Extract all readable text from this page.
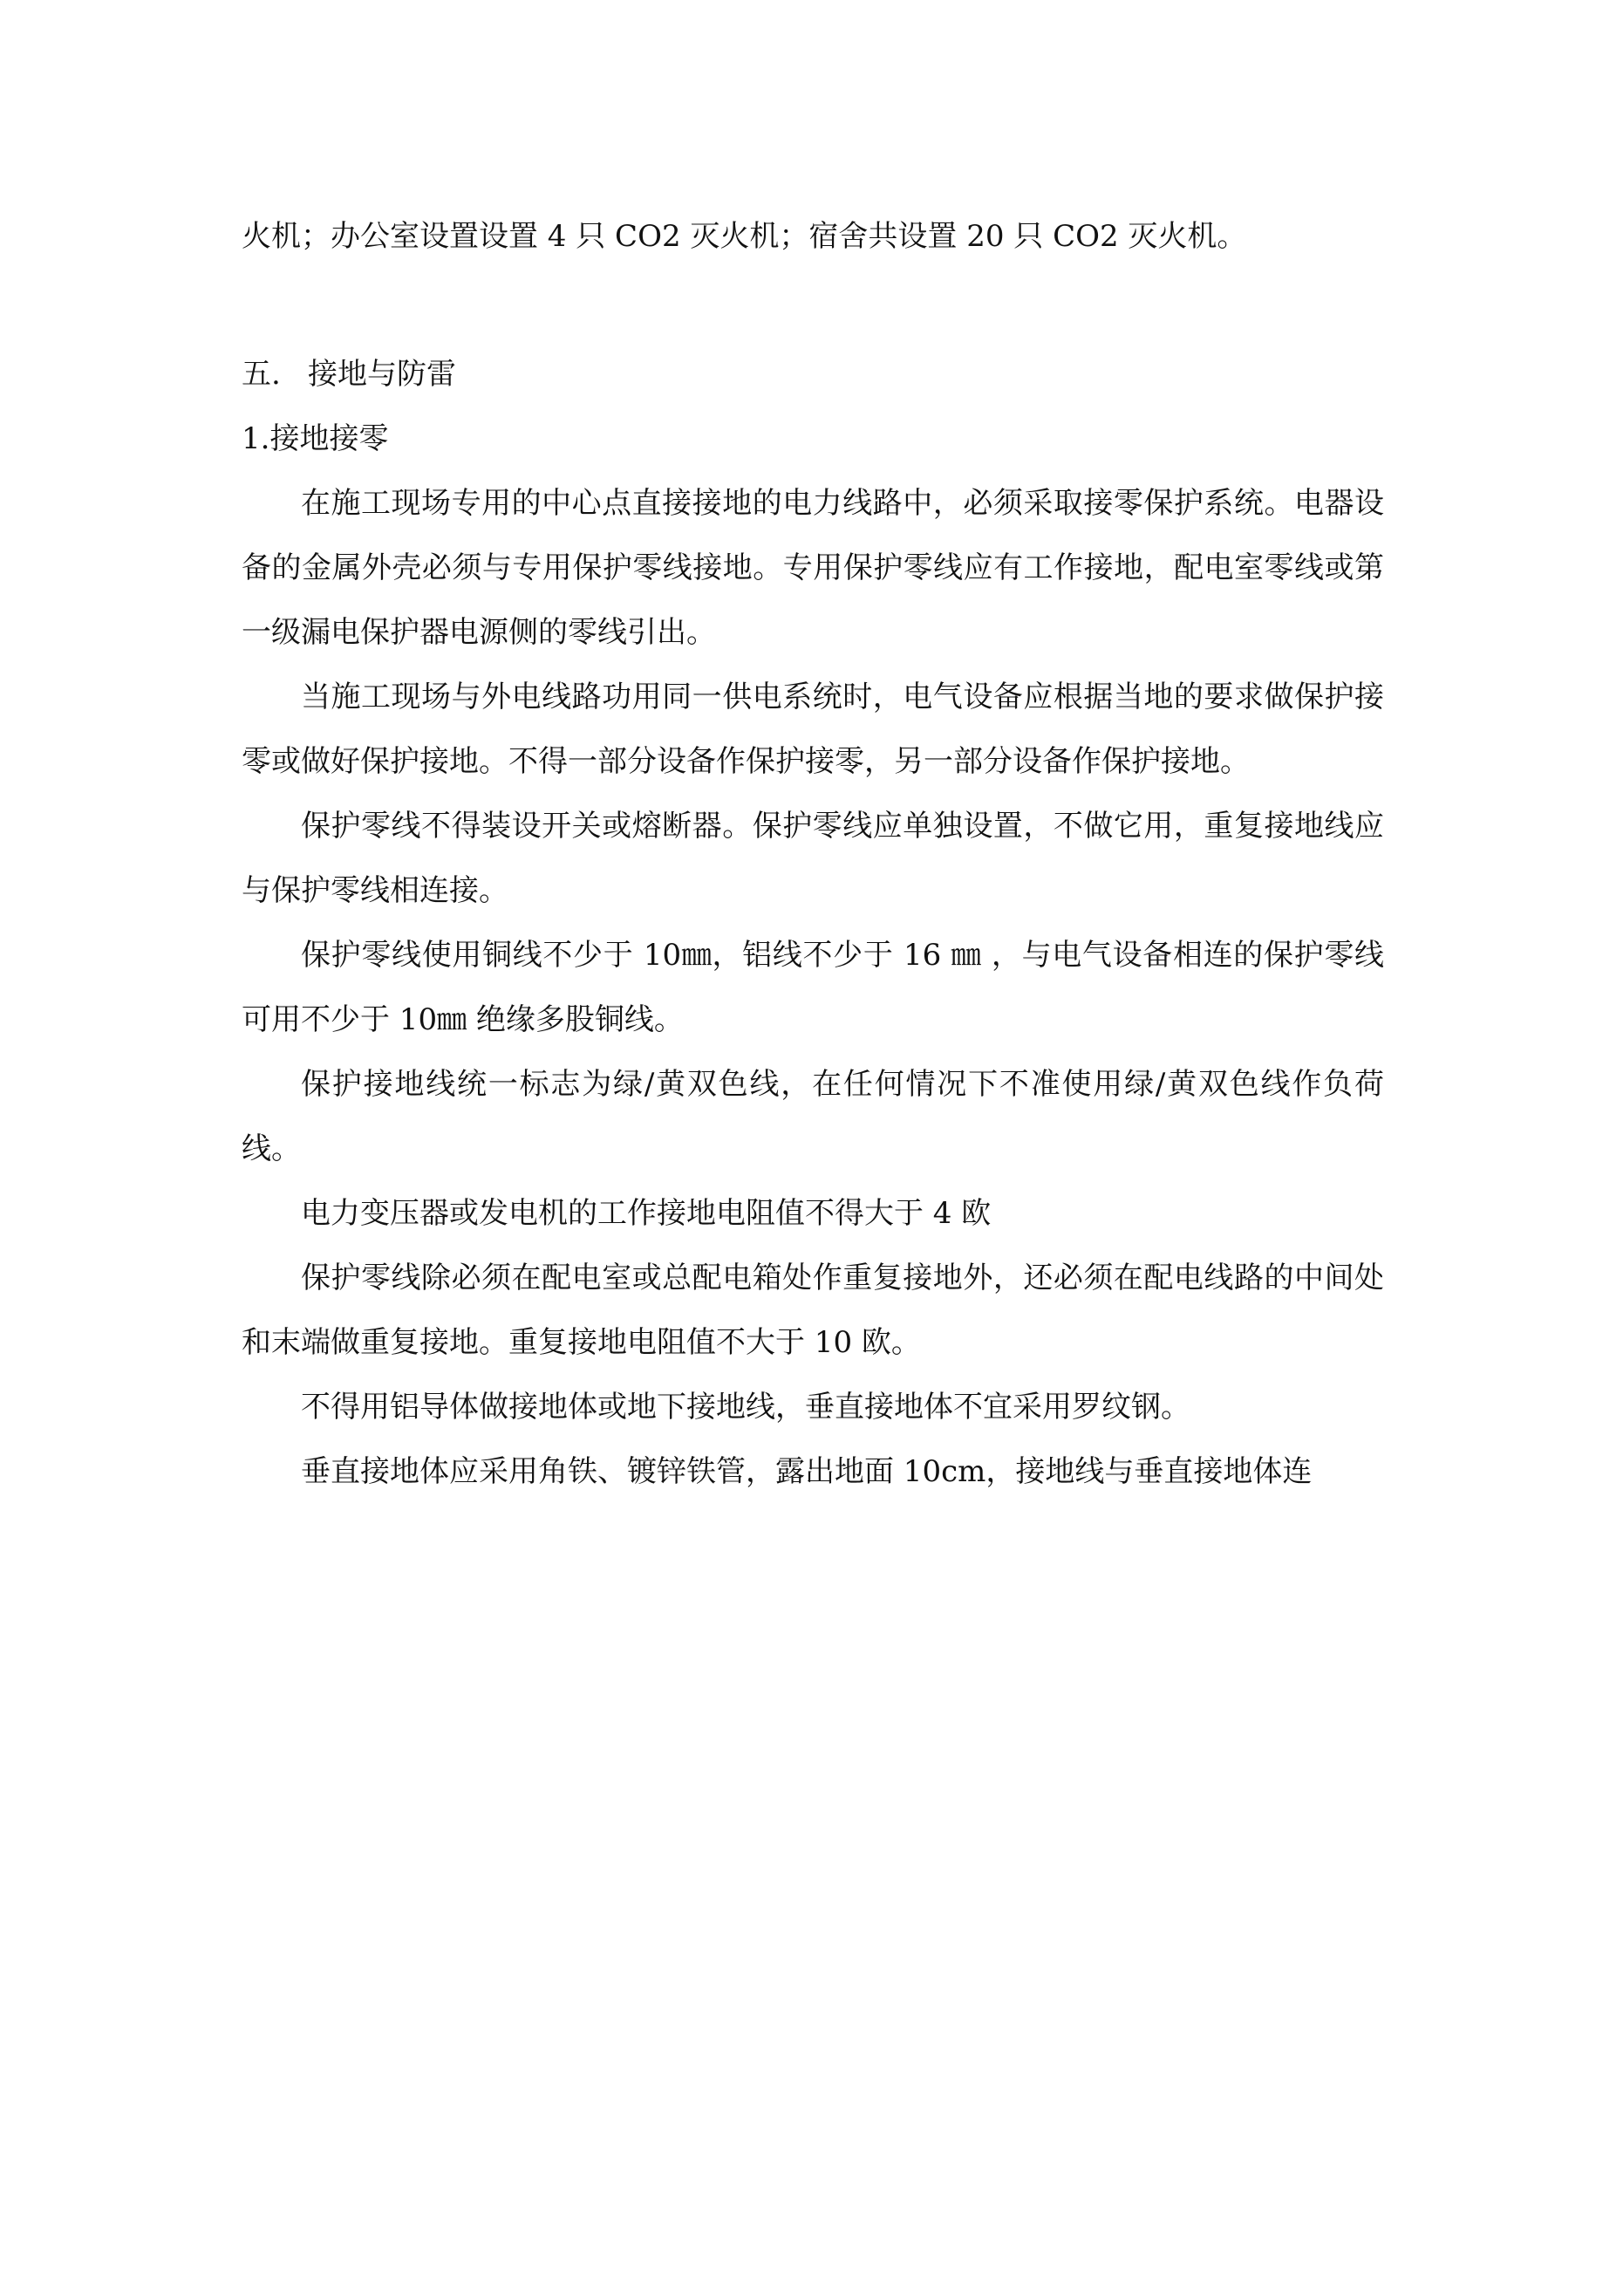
火机；办公室设置设置 4 只 CO2 灭火机；宿舍共设置 20 只 CO2 灭火机。

五. 接地与防雷

1.接地接零

在施工现场专用的中心点直接接地的电力线路中，必须采取接零保护系统。电器设备的金属外壳必须与专用保护零线接地。专用保护零线应有工作接地，配电室零线或第一级漏电保护器电源侧的零线引出。

当施工现场与外电线路功用同一供电系统时，电气设备应根据当地的要求做保护接零或做好保护接地。不得一部分设备作保护接零，另一部分设备作保护接地。

保护零线不得装设开关或熔断器。保护零线应单独设置，不做它用，重复接地线应与保护零线相连接。

保护零线使用铜线不少于 10㎜，铝线不少于 16 ㎜ ，与电气设备相连的保护零线可用不少于 10㎜ 绝缘多股铜线。

保护接地线统一标志为绿/黄双色线，在任何情况下不准使用绿/黄双色线作负荷线。

电力变压器或发电机的工作接地电阻值不得大于 4 欧

保护零线除必须在配电室或总配电箱处作重复接地外，还必须在配电线路的中间处和末端做重复接地。重复接地电阻值不大于 10 欧。

不得用铝导体做接地体或地下接地线，垂直接地体不宜采用罗纹钢。

垂直接地体应采用角铁、镀锌铁管，露出地面 10cm，接地线与垂直接地体连
